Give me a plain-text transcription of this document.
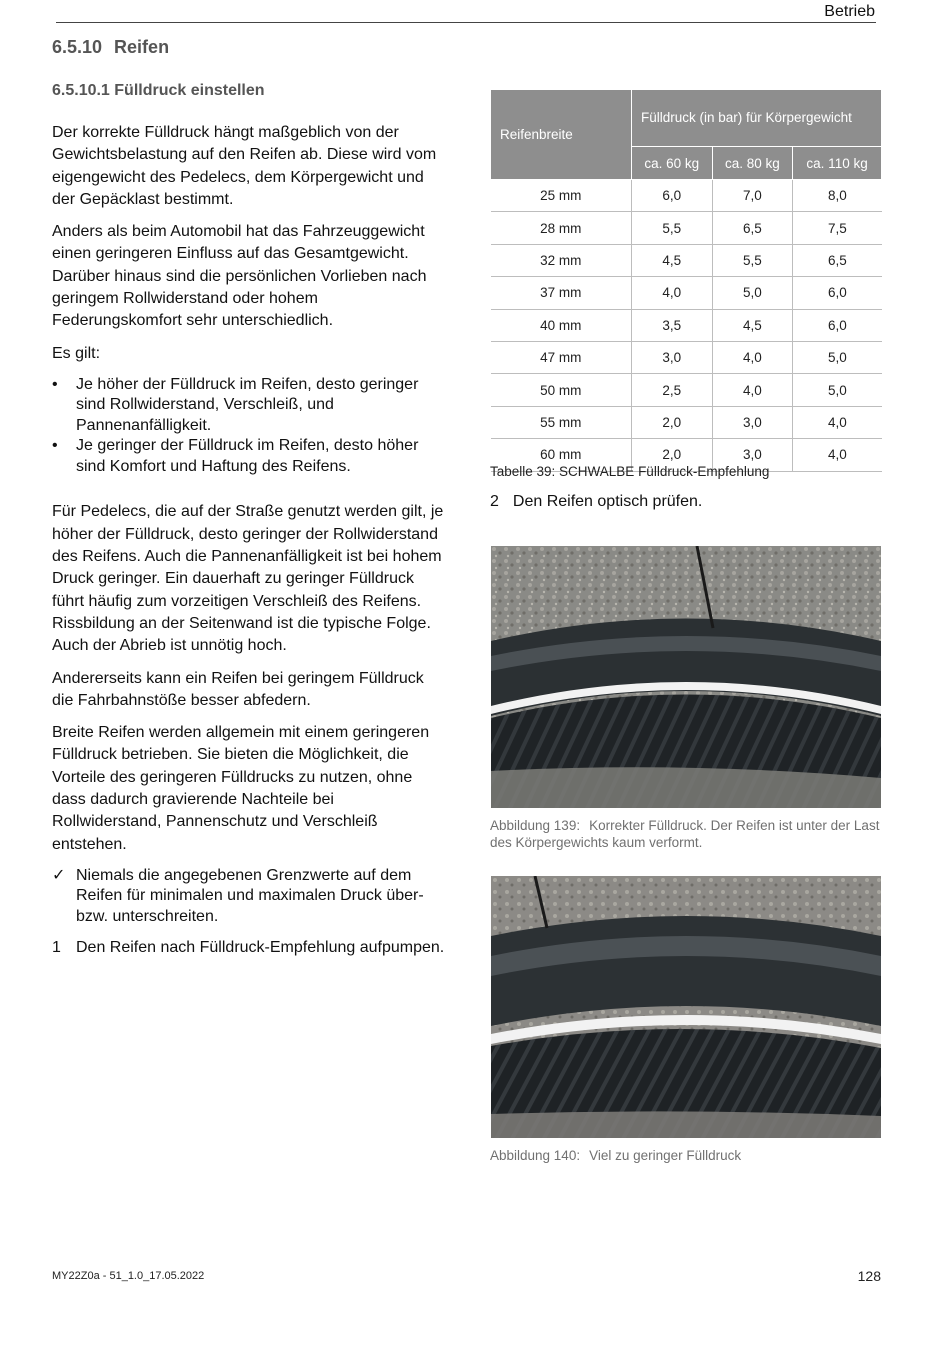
Betrieb
6.5.10 Reifen
6.5.10.1 Fülldruck einstellen

Der korrekte Fülldruck hängt maßgeblich von der Gewichtsbelastung auf den Reifen ab. Diese wird vom eigengewicht des Pedelecs, dem Körpergewicht und der Gepäcklast bestimmt.

Anders als beim Automobil hat das Fahrzeuggewicht einen geringeren Einfluss auf das Gesamtgewicht. Darüber hinaus sind die persönlichen Vorlieben nach geringem Rollwiderstand oder hohem Federungskomfort sehr unterschiedlich.

Es gilt:

• Je höher der Fülldruck im Reifen, desto geringer sind Rollwiderstand, Verschleiß, und Pannenanfälligkeit.
• Je geringer der Fülldruck im Reifen, desto höher sind Komfort und Haftung des Reifens.

Für Pedelecs, die auf der Straße genutzt werden gilt, je höher der Fülldruck, desto geringer der Rollwiderstand des Reifens. Auch die Pannenanfälligkeit ist bei hohem Druck geringer. Ein dauerhaft zu geringer Fülldruck führt häufig zum vorzeitigen Verschleiß des Reifens. Rissbildung an der Seitenwand ist die typische Folge. Auch der Abrieb ist unnötig hoch.

Andererseits kann ein Reifen bei geringem Fülldruck die Fahrbahnstöße besser abfedern.

Breite Reifen werden allgemein mit einem geringeren Fülldruck betrieben. Sie bieten die Möglichkeit, die Vorteile des geringeren Fülldrucks zu nutzen, ohne dass dadurch gravierende Nachteile bei Rollwiderstand, Pannenschutz und Verschleiß entstehen.

✓ Niemals die angegebenen Grenzwerte auf dem Reifen für minimalen und maximalen Druck über- bzw. unterschreiten.
1 Den Reifen nach Fülldruck-Empfehlung aufpumpen.
Reifenbreite	Fülldruck (in bar) für Körpergewicht		
	ca. 60 kg	ca. 80 kg	ca. 110 kg
25 mm	6,0	7,0	8,0
28 mm	5,5	6,5	7,5
32 mm	4,5	5,5	6,5
37 mm	4,0	5,0	6,0
40 mm	3,5	4,5	6,0
47 mm	3,0	4,0	5,0
50 mm	2,5	4,0	5,0
55 mm	2,0	3,0	4,0
60 mm	2,0	3,0	4,0
Tabelle 39: SCHWALBE Fülldruck-Empfehlung
2 Den Reifen optisch prüfen.
Abbildung 139: Korrekter Fülldruck. Der Reifen ist unter der Last des Körpergewichts kaum verformt.
Abbildung 140: Viel zu geringer Fülldruck
MY22Z0a - 51_1.0_17.05.2022	128
